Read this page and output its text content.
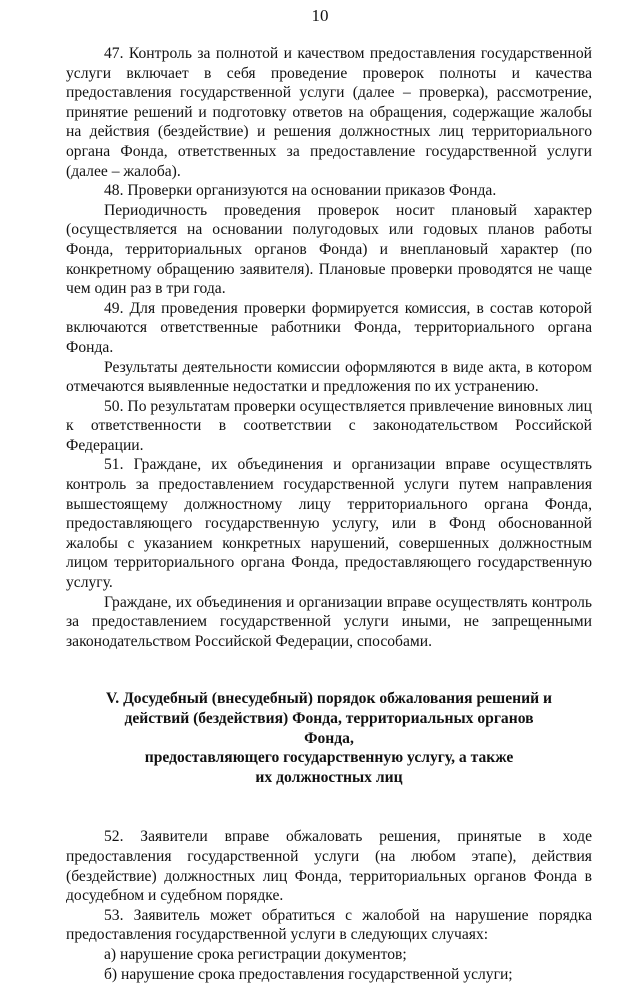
10

47. Контроль за полнотой и качеством предоставления государственной услуги включает в себя проведение проверок полноты и качества предоставления государственной услуги (далее – проверка), рассмотрение, принятие решений и подготовку ответов на обращения, содержащие жалобы на действия (бездействие) и решения должностных лиц территориального органа Фонда, ответственных за предоставление государственной услуги (далее – жалоба).

48. Проверки организуются на основании приказов Фонда.

Периодичность проведения проверок носит плановый характер (осуществляется на основании полугодовых или годовых планов работы Фонда, территориальных органов Фонда) и внеплановый характер (по конкретному обращению заявителя). Плановые проверки проводятся не чаще чем один раз в три года.

49. Для проведения проверки формируется комиссия, в состав которой включаются ответственные работники Фонда, территориального органа Фонда.

Результаты деятельности комиссии оформляются в виде акта, в котором отмечаются выявленные недостатки и предложения по их устранению.

50. По результатам проверки осуществляется привлечение виновных лиц к ответственности в соответствии с законодательством Российской Федерации.

51. Граждане, их объединения и организации вправе осуществлять контроль за предоставлением государственной услуги путем направления вышестоящему должностному лицу территориального органа Фонда, предоставляющего государственную услугу, или в Фонд обоснованной жалобы с указанием конкретных нарушений, совершенных должностным лицом территориального органа Фонда, предоставляющего государственную услугу.

Граждане, их объединения и организации вправе осуществлять контроль за предоставлением государственной услуги иными, не запрещенными законодательством Российской Федерации, способами.

V. Досудебный (внесудебный) порядок обжалования решений и
действий (бездействия) Фонда, территориальных органов Фонда,
предоставляющего государственную услугу, а также
их должностных лиц

52. Заявители вправе обжаловать решения, принятые в ходе предоставления государственной услуги (на любом этапе), действия (бездействие) должностных лиц Фонда, территориальных органов Фонда в досудебном и судебном порядке.

53. Заявитель может обратиться с жалобой на нарушение порядка предоставления государственной услуги в следующих случаях:

а) нарушение срока регистрации документов;

б) нарушение срока предоставления государственной услуги;
